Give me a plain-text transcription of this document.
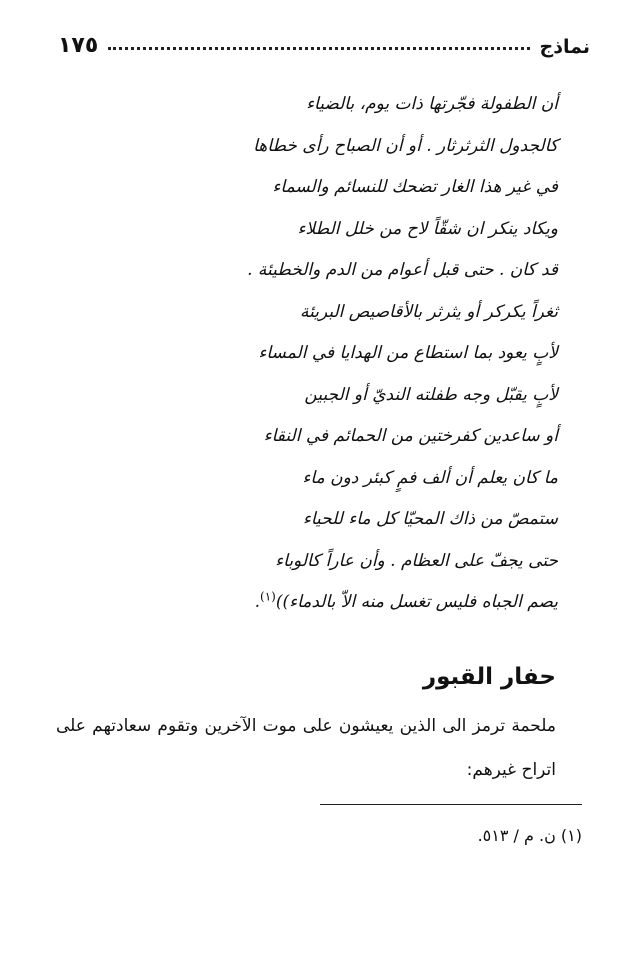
نماذج
١٧٥
أن الطفولة فجّرتها ذات يوم، بالضياء
كالجدول الثرثرثار . أو أن الصباح رأى خطاها
في غير هذا الغار تضحك للنسائم والسماء
ويكاد ينكر ان شقّاً لاح من خلل الطلاء
قد كان . حتى قبل أعوام من الدم والخطيئة .
ثغراً يكركر أو يثرثر بالأقاصيص البريئة
لأبٍ يعود بما استطاع من الهدايا في المساء
لأبٍ يقبّل وجه طفلته النديّ أو الجبين
أو ساعدين كفرختين من الحمائم في النقاء
ما كان يعلم أن ألف فمٍ كبئر دون ماء
ستمصّ من ذاك المحيّا كل ماء للحياء
حتى يجفّ على العظام . وأن عاراً كالوباء
يصم الجباه فليس تغسل منه الاّ بالدماء))$^{(١)}$.
حفار القبور
ملحمة ترمز الى الذين يعيشون على موت الآخرين وتقوم سعادتهم على اتراح غيرهم:
(١) ن. م / ٥١٣.
